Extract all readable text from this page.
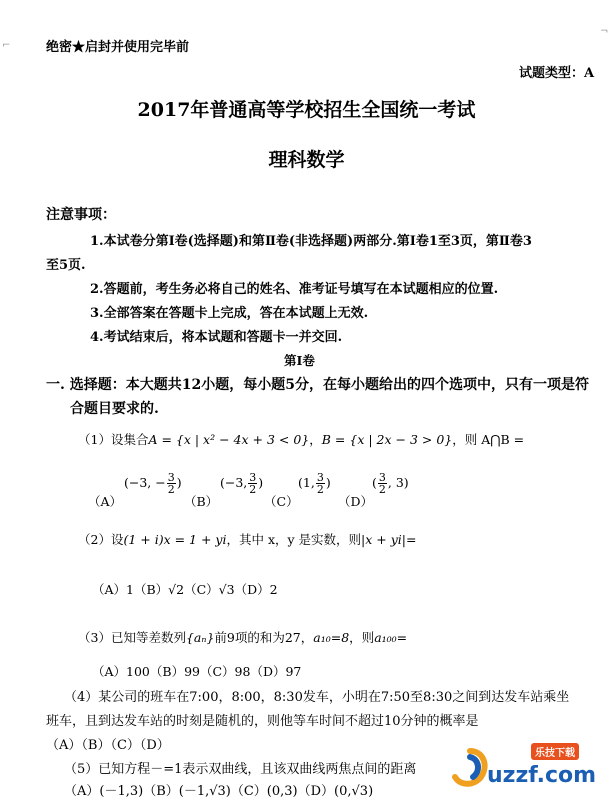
⌐
¬
绝密★启封并使用完毕前
试题类型：A
2017年普通高等学校招生全国统一考试
理科数学
注意事项：
1.本试卷分第Ⅰ卷(选择题)和第Ⅱ卷(非选择题)两部分.第Ⅰ卷1至3页，第Ⅱ卷3
至5页.
2.答题前，考生务必将自己的姓名、准考证号填写在本试题相应的位置.
3.全部答案在答题卡上完成，答在本试题上无效.
4.考试结束后，将本试题和答题卡一并交回.
第Ⅰ卷
一. 选择题：本大题共12小题，每小题5分，在每小题给出的四个选项中，只有一项是符
合题目要求的.
（1）设集合A = {x | x² − 4x + 3 < 0}，B = {x | 2x − 3 > 0}，则 A⋂B =
（A）
(−3, − $\frac{3}{2}$ )
（B）
(−3, $\frac{3}{2}$ )
（C）
(1, $\frac{3}{2}$ )
（D）
( $\frac{3}{2}$ , 3)
（2）设(1 + i)x = 1 + yi，其中 x，y 是实数，则|x + yi|=
（A）1（B）√2（C）√3（D）2
（3）已知等差数列{aₙ}前9项的和为27，a₁₀=8，则a₁₀₀=
（A）100（B）99（C）98（D）97
（4）某公司的班车在7:00，8:00，8:30发车，小明在7:50至8:30之间到达发车站乘坐
班车，且到达发车站的时刻是随机的，则他等车时间不超过10分钟的概率是
（A）（B）（C）（D）
（5）已知方程－=1表示双曲线，且该双曲线两焦点间的距离
（A）(－1,3)（B）(－1,√3)（C）(0,3)（D）(0,√3)
乐技下载
uzzf.com
